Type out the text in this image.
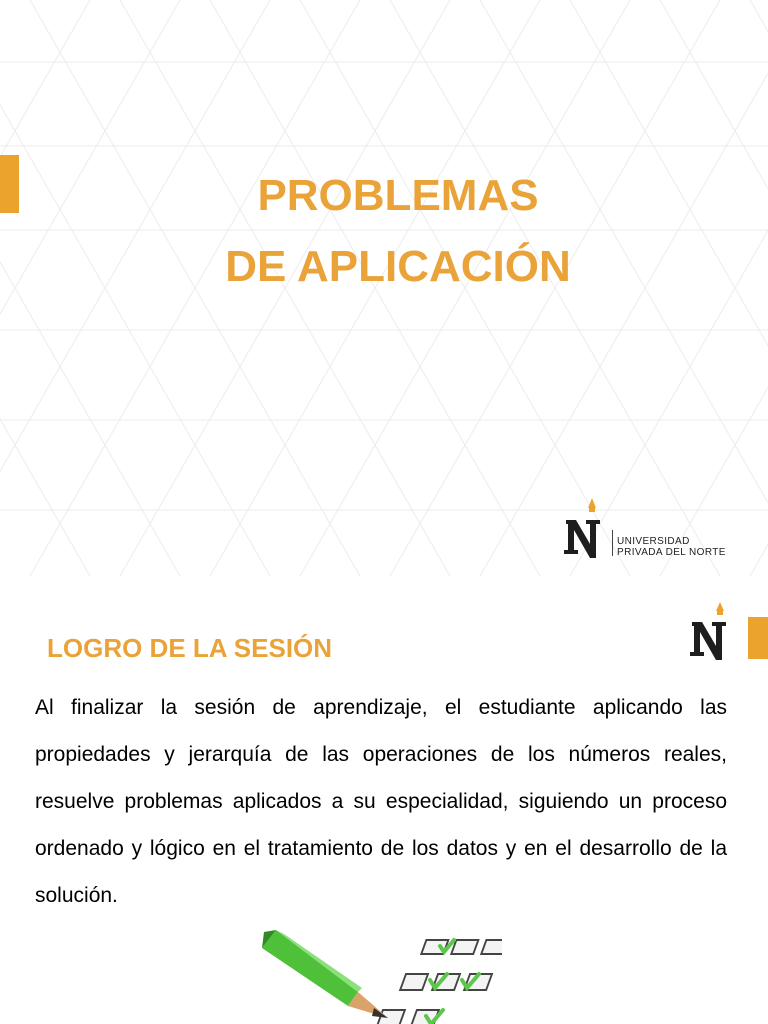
PROBLEMAS
DE APLICACIÓN
UNIVERSIDAD
PRIVADA DEL NORTE
LOGRO DE LA SESIÓN
Al finalizar la sesión de aprendizaje, el estudiante aplicando las propiedades y jerarquía de las operaciones de los números reales, resuelve problemas aplicados a su especialidad, siguiendo un proceso ordenado y lógico en el tratamiento de los datos y en el desarrollo de la solución.
